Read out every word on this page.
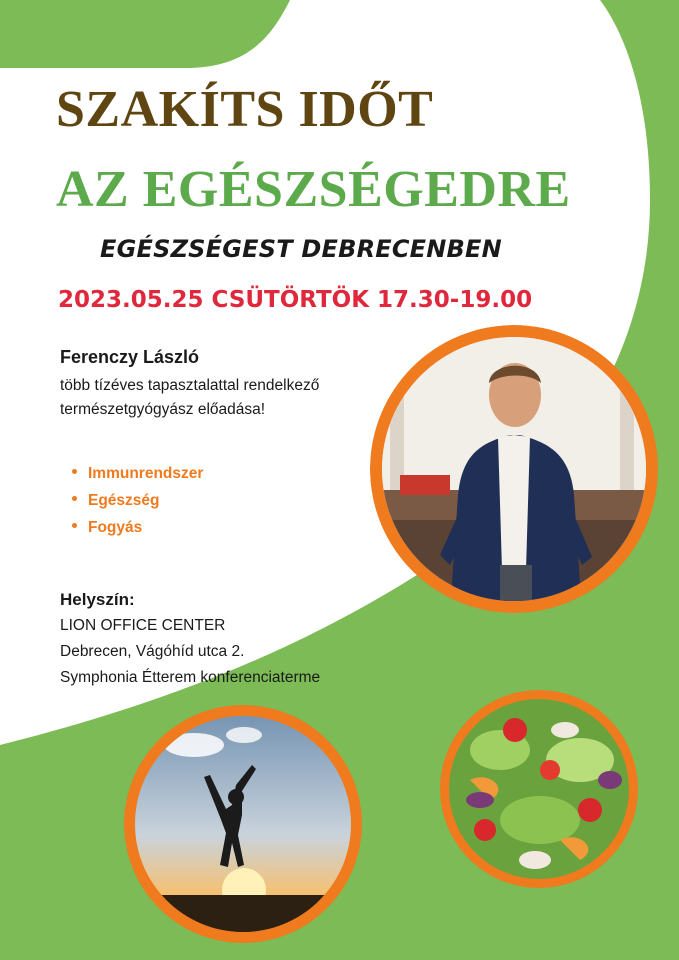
SZAKÍTS IDŐT
AZ EGÉSZSÉGEDRE
EGÉSZSÉGEST DEBRECENBEN
2023.05.25 CSÜTÖRTÖK 17.30-19.00
Ferenczy László
több tízéves tapasztalattal rendelkező természetgyógyász előadása!
Immunrendszer
Egészség
Fogyás
Helyszín:
LION OFFICE CENTER
Debrecen, Vágóhíd utca 2.
Symphonia Étterem konferenciaterme
